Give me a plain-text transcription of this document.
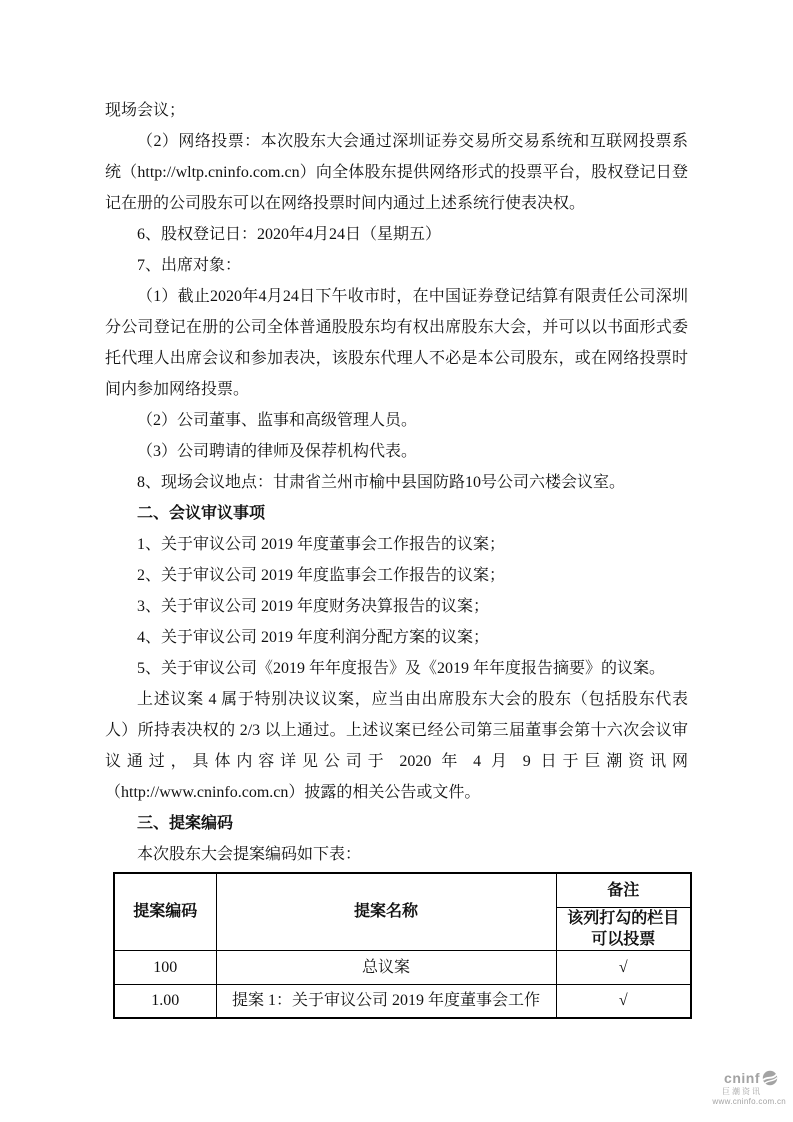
现场会议；
（2）网络投票：本次股东大会通过深圳证券交易所交易系统和互联网投票系统（http://wltp.cninfo.com.cn）向全体股东提供网络形式的投票平台，股权登记日登记在册的公司股东可以在网络投票时间内通过上述系统行使表决权。
6、股权登记日：2020年4月24日（星期五）
7、出席对象：
（1）截止2020年4月24日下午收市时，在中国证券登记结算有限责任公司深圳分公司登记在册的公司全体普通股股东均有权出席股东大会，并可以以书面形式委托代理人出席会议和参加表决，该股东代理人不必是本公司股东，或在网络投票时间内参加网络投票。
（2）公司董事、监事和高级管理人员。
（3）公司聘请的律师及保荐机构代表。
8、现场会议地点：甘肃省兰州市榆中县国防路10号公司六楼会议室。
二、会议审议事项
1、关于审议公司 2019 年度董事会工作报告的议案；
2、关于审议公司 2019 年度监事会工作报告的议案；
3、关于审议公司 2019 年度财务决算报告的议案；
4、关于审议公司 2019 年度利润分配方案的议案；
5、关于审议公司《2019 年年度报告》及《2019 年年度报告摘要》的议案。
上述议案 4 属于特别决议议案，应当由出席股东大会的股东（包括股东代表人）所持表决权的 2/3 以上通过。上述议案已经公司第三届董事会第十六次会议审议通过，具体内容详见公司于 2020 年 4 月 9 日于巨潮资讯网（http://www.cninfo.com.cn）披露的相关公告或文件。
三、提案编码
本次股东大会提案编码如下表：
提案编码	提案名称	备注
		该列打勾的栏目可以投票
100	总议案	√
1.00	提案 1：关于审议公司 2019 年度董事会工作	√
cninf
巨潮资讯
www.cninfo.com.cn
